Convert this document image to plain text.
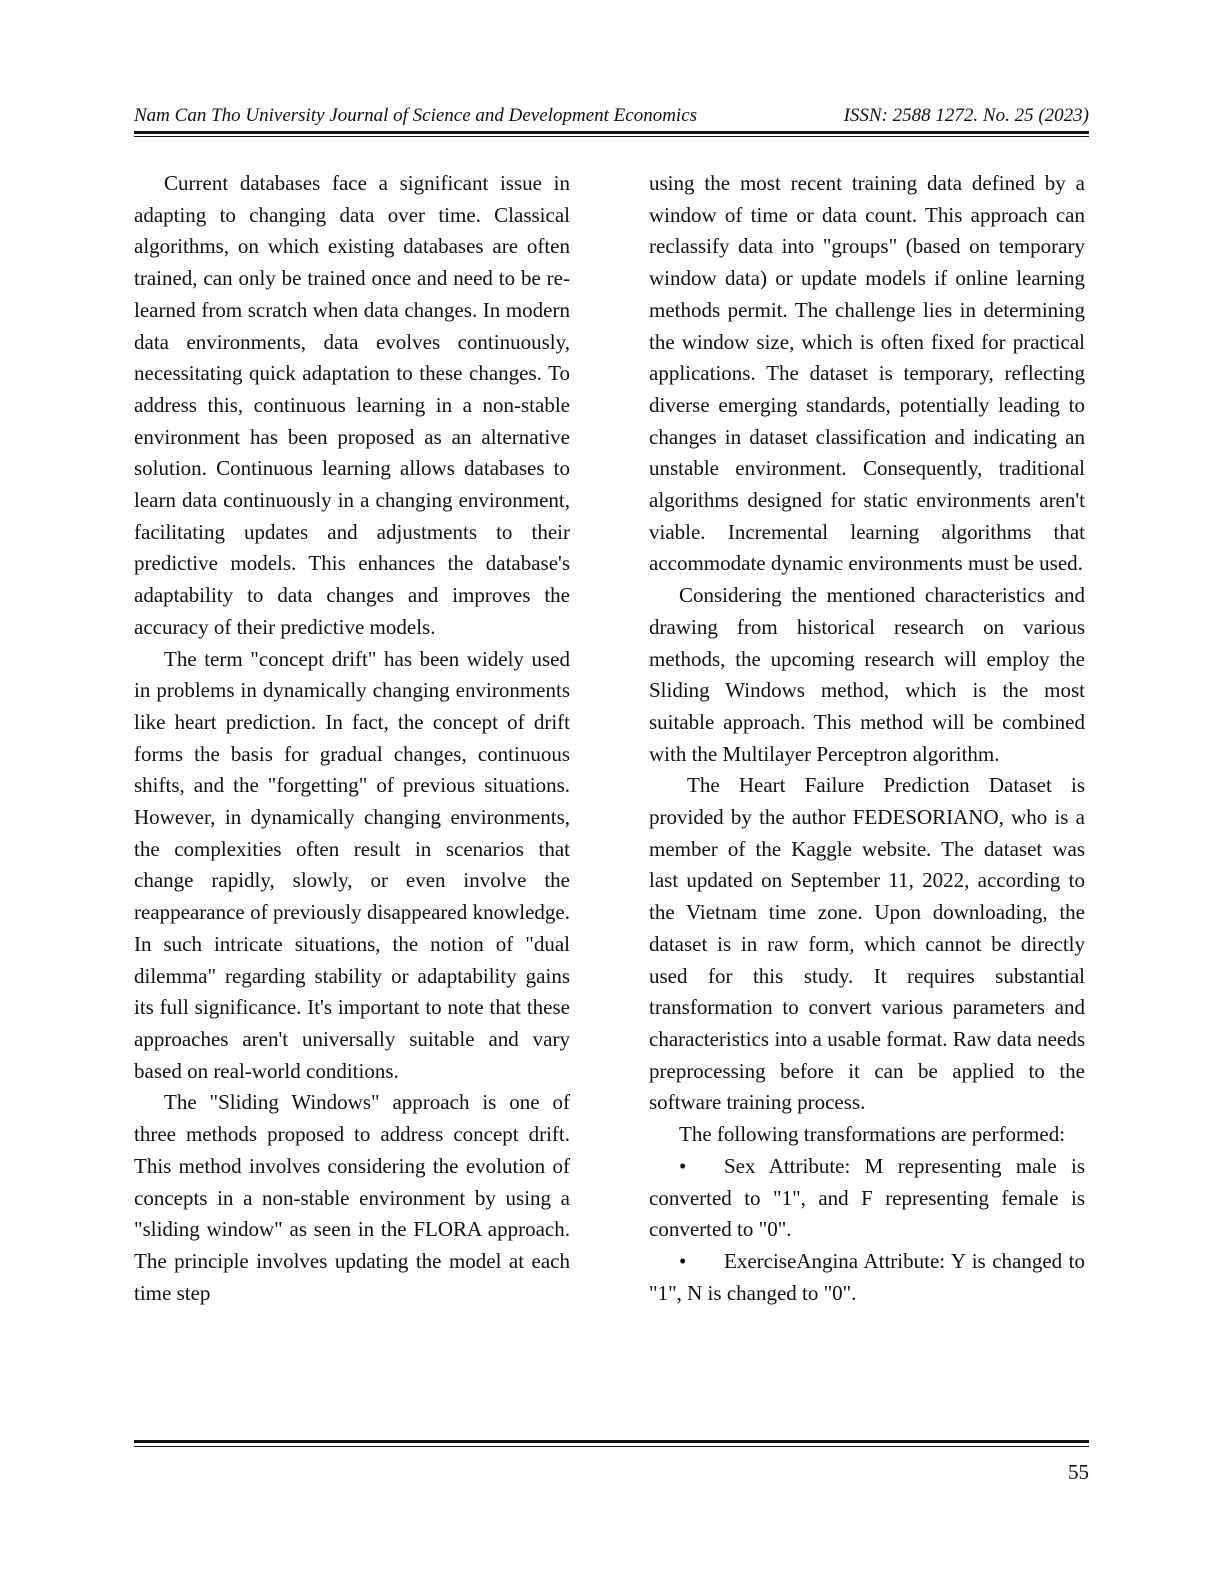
Nam Can Tho University Journal of Science and Development Economics	ISSN: 2588 1272. No. 25 (2023)

Current databases face a significant issue in adapting to changing data over time. Classical algorithms, on which existing databases are often trained, can only be trained once and need to be re-learned from scratch when data changes. In modern data environments, data evolves continuously, necessitating quick adaptation to these changes. To address this, continuous learning in a non-stable environment has been proposed as an alternative solution. Continuous learning allows databases to learn data continuously in a changing environment, facilitating updates and adjustments to their predictive models. This enhances the database's adaptability to data changes and improves the accuracy of their predictive models.

The term "concept drift" has been widely used in problems in dynamically changing environments like heart prediction. In fact, the concept of drift forms the basis for gradual changes, continuous shifts, and the "forgetting" of previous situations. However, in dynamically changing environments, the complexities often result in scenarios that change rapidly, slowly, or even involve the reappearance of previously disappeared knowledge. In such intricate situations, the notion of "dual dilemma" regarding stability or adaptability gains its full significance. It's important to note that these approaches aren't universally suitable and vary based on real-world conditions.

The "Sliding Windows" approach is one of three methods proposed to address concept drift. This method involves considering the evolution of concepts in a non-stable environment by using a "sliding window" as seen in the FLORA approach. The principle involves updating the model at each time step

using the most recent training data defined by a window of time or data count. This approach can reclassify data into "groups" (based on temporary window data) or update models if online learning methods permit. The challenge lies in determining the window size, which is often fixed for practical applications. The dataset is temporary, reflecting diverse emerging standards, potentially leading to changes in dataset classification and indicating an unstable environment. Consequently, traditional algorithms designed for static environments aren't viable. Incremental learning algorithms that accommodate dynamic environments must be used.

Considering the mentioned characteristics and drawing from historical research on various methods, the upcoming research will employ the Sliding Windows method, which is the most suitable approach. This method will be combined with the Multilayer Perceptron algorithm.

The Heart Failure Prediction Dataset is provided by the author FEDESORIANO, who is a member of the Kaggle website. The dataset was last updated on September 11, 2022, according to the Vietnam time zone. Upon downloading, the dataset is in raw form, which cannot be directly used for this study. It requires substantial transformation to convert various parameters and characteristics into a usable format. Raw data needs preprocessing before it can be applied to the software training process.

The following transformations are performed:

• Sex Attribute: M representing male is converted to "1", and F representing female is converted to "0".

• ExerciseAngina Attribute: Y is changed to "1", N is changed to "0".

55
